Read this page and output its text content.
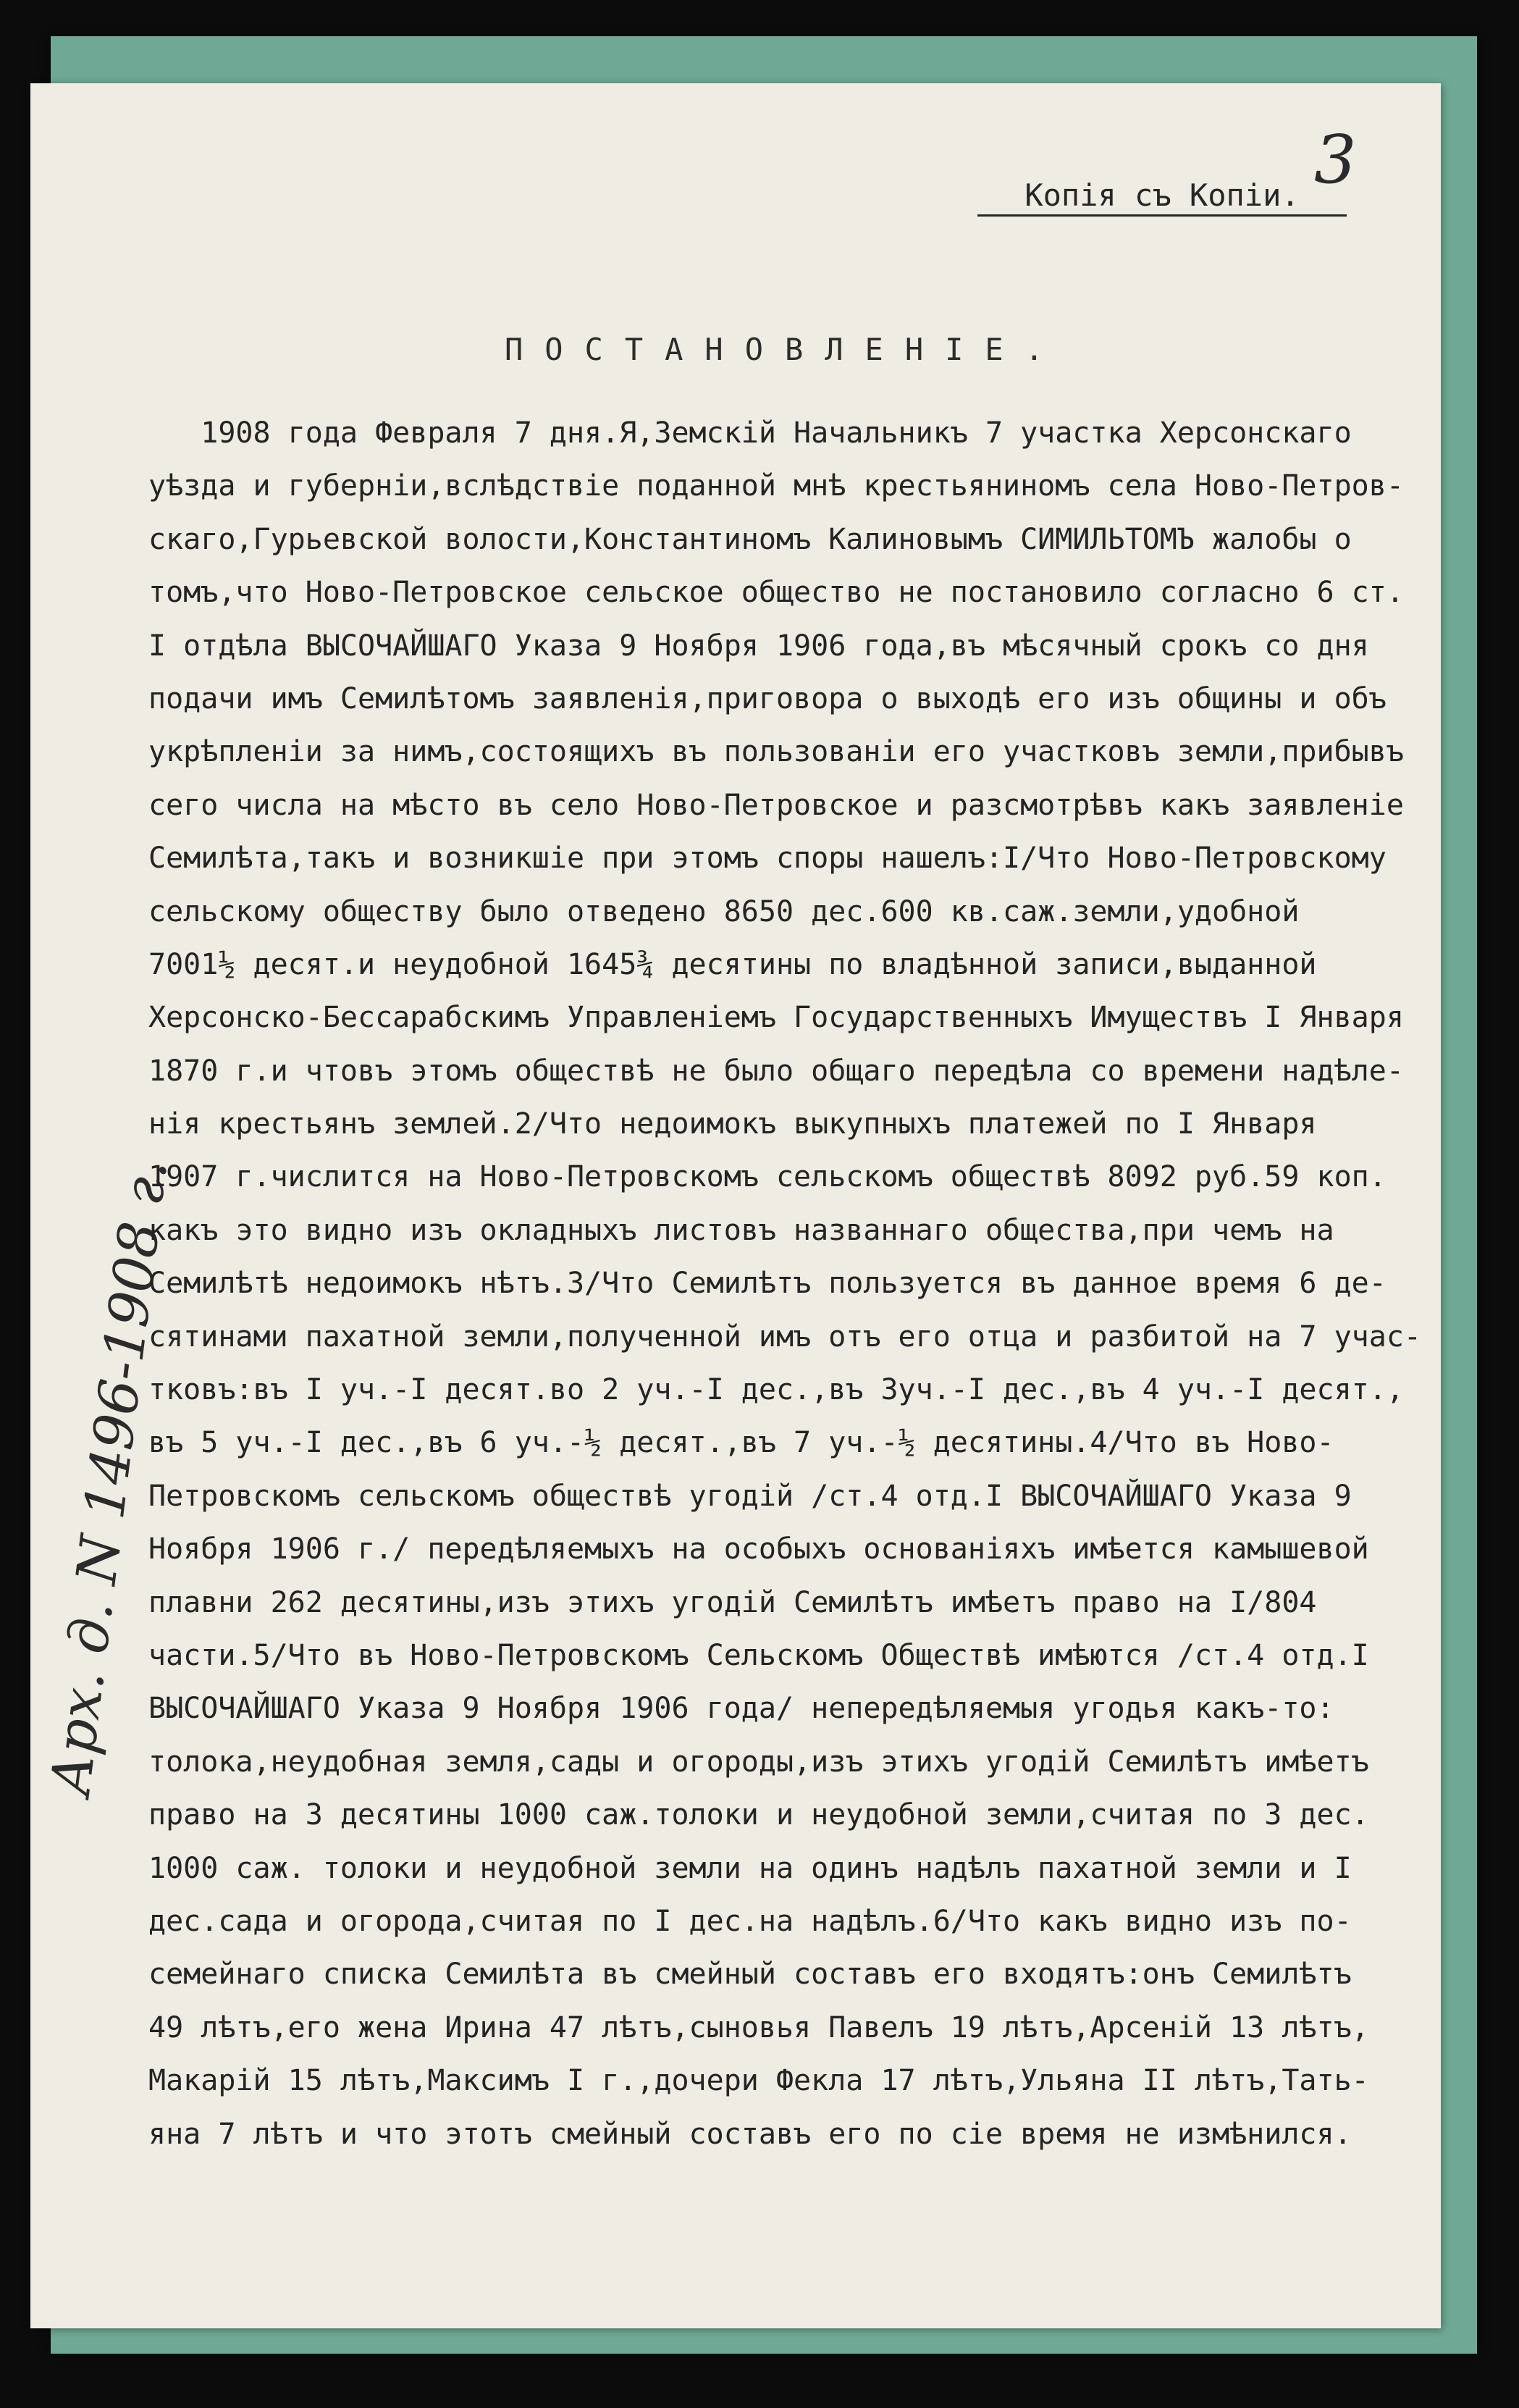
3
Копія съ Копіи.
ПОСТАНОВЛЕНІЕ.
Арх. д. N 1496-1908 г.
1908 года Февраля 7 дня.Я,Земскій Начальникъ 7 участка Херсонскаго
уѣзда и губерніи,вслѣдствіе поданной мнѣ крестьяниномъ села Ново-Петров-
скаго,Гурьевской волости,Константиномъ Калиновымъ СИМИЛЬТОМЪ жалобы о
томъ,что Ново-Петровское сельское общество не постановило согласно 6 ст.
I отдѣла ВЫСОЧАЙШАГО Указа 9 Ноября 1906 года,въ мѣсячный срокъ со дня
подачи имъ Семилѣтомъ заявленія,приговора о выходѣ его изъ общины и объ
укрѣпленіи за нимъ,состоящихъ въ пользованіи его участковъ земли,прибывъ
сего числа на мѣсто въ село Ново-Петровское и разсмотрѣвъ какъ заявленіе
Семилѣта,такъ и возникшіе при этомъ споры нашелъ:I/Что Ново-Петровскому
сельскому обществу было отведено 8650 дес.600 кв.саж.земли,удобной
7001½ десят.и неудобной 1645¾ десятины по владѣнной записи,выданной
Херсонско-Бессарабскимъ Управленіемъ Государственныхъ Имуществъ I Января
1870 г.и чтовъ этомъ обществѣ не было общаго передѣла со времени надѣле-
нія крестьянъ землей.2/Что недоимокъ выкупныхъ платежей по I Января
1907 г.числится на Ново-Петровскомъ сельскомъ обществѣ 8092 руб.59 коп.
какъ это видно изъ окладныхъ листовъ названнаго общества,при чемъ на
Семилѣтѣ недоимокъ нѣтъ.3/Что Семилѣтъ пользуется въ данное время 6 де-
сятинами пахатной земли,полученной имъ отъ его отца и разбитой на 7 учас-
тковъ:въ I уч.-I десят.во 2 уч.-I дес.,въ 3уч.-I дес.,въ 4 уч.-I десят.,
въ 5 уч.-I дес.,въ 6 уч.-½ десят.,въ 7 уч.-½ десятины.4/Что въ Ново-
Петровскомъ сельскомъ обществѣ угодій /ст.4 отд.I ВЫСОЧАЙШАГО Указа 9
Ноября 1906 г./ передѣляемыхъ на особыхъ основаніяхъ имѣется камышевой
плавни 262 десятины,изъ этихъ угодій Семилѣтъ имѣетъ право на I/804
части.5/Что въ Ново-Петровскомъ Сельскомъ Обществѣ имѣются /ст.4 отд.I
ВЫСОЧАЙШАГО Указа 9 Ноября 1906 года/ непередѣляемыя угодья какъ-то:
толока,неудобная земля,сады и огороды,изъ этихъ угодій Семилѣтъ имѣетъ
право на 3 десятины 1000 саж.толоки и неудобной земли,считая по 3 дес.
1000 саж. толоки и неудобной земли на одинъ надѣлъ пахатной земли и I
дес.сада и огорода,считая по I дес.на надѣлъ.6/Что какъ видно изъ по-
семейнаго списка Семилѣта въ смейный составъ его входятъ:онъ Семилѣтъ
49 лѣтъ,его жена Ирина 47 лѣтъ,сыновья Павелъ 19 лѣтъ,Арсеній 13 лѣтъ,
Макарій 15 лѣтъ,Максимъ I г.,дочери Фекла 17 лѣтъ,Ульяна II лѣтъ,Тать-
яна 7 лѣтъ и что этотъ смейный составъ его по сіе время не измѣнился.
